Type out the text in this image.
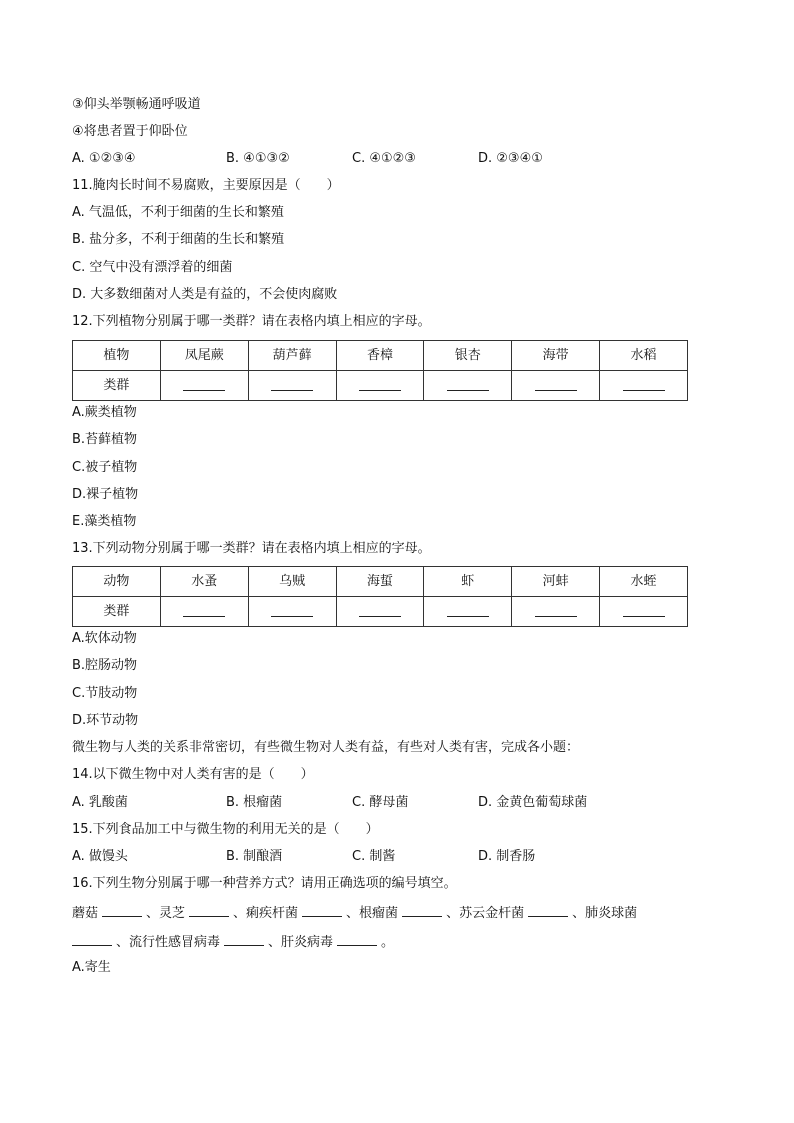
③仰头举颚畅通呼吸道
④将患者置于仰卧位
A. ①②③④	B. ④①③②	C. ④①②③	D. ②③④①
11.腌肉长时间不易腐败，主要原因是（　　）
A. 气温低，不利于细菌的生长和繁殖
B. 盐分多，不利于细菌的生长和繁殖
C. 空气中没有漂浮着的细菌
D. 大多数细菌对人类是有益的，不会使肉腐败
12.下列植物分别属于哪一类群？请在表格内填上相应的字母。
植物	凤尾蕨	葫芦藓	香樟	银杏	海带	水稻
类群						
A.蕨类植物
B.苔藓植物
C.被子植物
D.裸子植物
E.藻类植物
13.下列动物分别属于哪一类群？请在表格内填上相应的字母。
动物	水蚤	乌贼	海蜇	虾	河蚌	水蛭
类群						
A.软体动物
B.腔肠动物
C.节肢动物
D.环节动物
微生物与人类的关系非常密切，有些微生物对人类有益，有些对人类有害，完成各小题：
14.以下微生物中对人类有害的是（　　）
A. 乳酸菌	B. 根瘤菌	C. 酵母菌	D. 金黄色葡萄球菌
15.下列食品加工中与微生物的利用无关的是（　　）
A. 做馒头	B. 制酿酒	C. 制酱	D. 制香肠
16.下列生物分别属于哪一种营养方式？请用正确选项的编号填空。
蘑菇	、灵芝	、痢疾杆菌	、根瘤菌	、苏云金杆菌	、肺炎球菌
、流行性感冒病毒	、肝炎病毒	。
A.寄生
